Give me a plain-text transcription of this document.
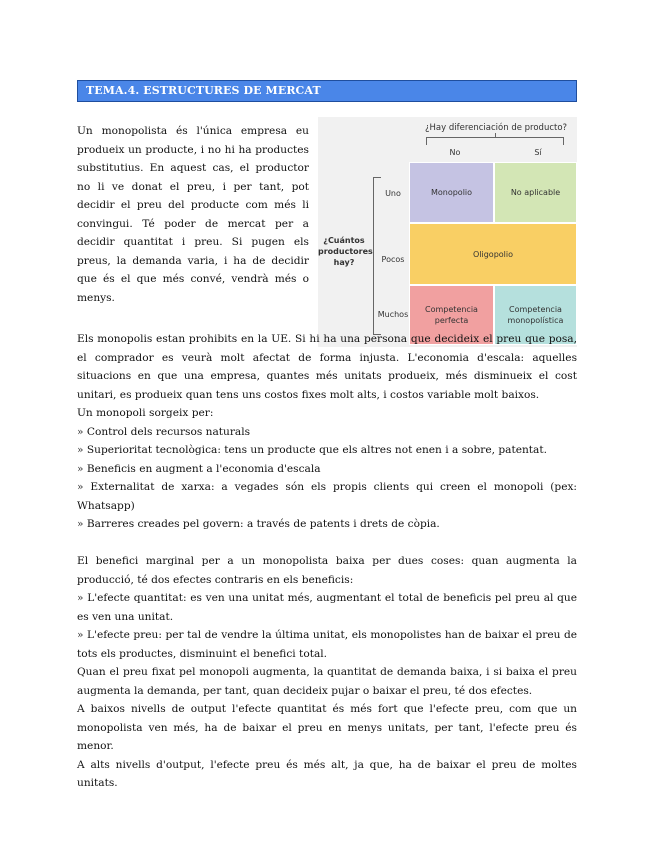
TEMA.4. ESTRUCTURES DE MERCAT

Un monopolista és l'única empresa eu produeix un producte, i no hi ha productes substitutius. En aquest cas, el productor no li ve donat el preu, i per tant, pot decidir el preu del producte com més li convingui. Té poder de mercat per a decidir quantitat i preu. Si pugen els preus, la demanda varia, i ha de decidir que és el que més convé, vendrà més o menys.

¿Hay diferenciación de producto?
No	Sí
¿Cuántos productores hay?
Uno
Pocos
Muchos
Monopolio	No aplicable
Oligopolio
Competencia perfecta
Competencia monopolística

Els monopolis estan prohibits en la UE. Si hi ha una persona que decideix el preu que posa, el comprador es veurà molt afectat de forma injusta. L'economia d'escala: aquelles situacions en que una empresa, quantes més unitats produeix, més disminueix el cost unitari, es produeix quan tens uns costos fixes molt alts, i costos variable molt baixos.

Un monopoli sorgeix per:

» Control dels recursos naturals

» Superioritat tecnològica: tens un producte que els altres not enen i a sobre, patentat.

» Beneficis en augment a l'economia d'escala

» Externalitat de xarxa: a vegades són els propis clients qui creen el monopoli (pex: Whatsapp)

» Barreres creades pel govern: a través de patents i drets de còpia.

El benefici marginal per a un monopolista baixa per dues coses: quan augmenta la producció, té dos efectes contraris en els beneficis:

» L'efecte quantitat: es ven una unitat més, augmentant el total de beneficis pel preu al que es ven una unitat.

» L'efecte preu: per tal de vendre la última unitat, els monopolistes han de baixar el preu de tots els productes, disminuint el benefici total.

Quan el preu fixat pel monopoli augmenta, la quantitat de demanda baixa, i si baixa el preu augmenta la demanda, per tant, quan decideix pujar o baixar el preu, té dos efectes.

A baixos nivells de output l'efecte quantitat és més fort que l'efecte preu, com que un monopolista ven més, ha de baixar el preu en menys unitats, per tant, l'efecte preu és menor.

A alts nivells d'output, l'efecte preu és més alt, ja que, ha de baixar el preu de moltes unitats.
